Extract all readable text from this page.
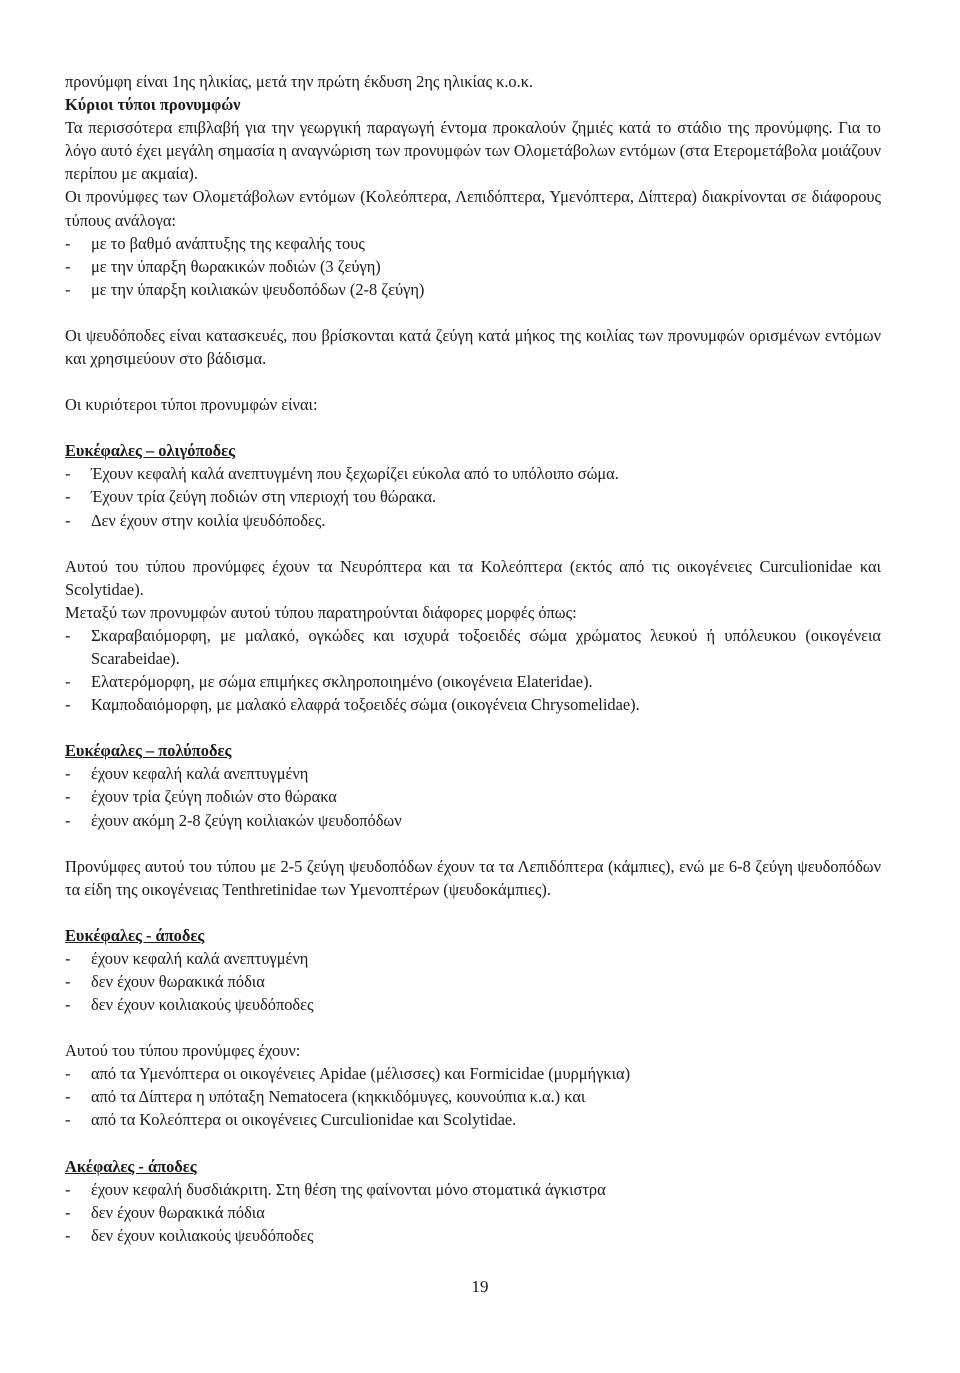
προνύμφη είναι 1ης ηλικίας, μετά την πρώτη έκδυση 2ης ηλικίας κ.ο.κ.

Κύριοι τύποι προνυμφών

Τα περισσότερα επιβλαβή για την γεωργική παραγωγή έντομα προκαλούν ζημιές κατά το στάδιο της προνύμφης. Για το λόγο αυτό έχει μεγάλη σημασία η αναγνώριση των προνυμφών των Ολομετάβολων εντόμων (στα Ετερομετάβολα μοιάζουν περίπου με ακμαία).

Οι προνύμφες των Ολομετάβολων εντόμων (Κολεόπτερα, Λεπιδόπτερα, Υμενόπτερα, Δίπτερα) διακρίνονται σε διάφορους τύπους ανάλογα:

- με το βαθμό ανάπτυξης της κεφαλής τους
- με την ύπαρξη θωρακικών ποδιών (3 ζεύγη)
- με την ύπαρξη κοιλιακών ψευδοπόδων (2-8 ζεύγη)

Οι ψευδόποδες είναι κατασκευές, που βρίσκονται κατά ζεύγη κατά μήκος της κοιλίας των προνυμφών ορισμένων εντόμων και χρησιμεύουν στο βάδισμα.

Οι κυριότεροι τύποι προνυμφών είναι:

Ευκέφαλες – ολιγόποδες

- Έχουν κεφαλή καλά ανεπτυγμένη που ξεχωρίζει εύκολα από το υπόλοιπο σώμα.
- Έχουν τρία ζεύγη ποδιών στη νπεριοχή του θώρακα.
- Δεν έχουν στην κοιλία ψευδόποδες.

Αυτού του τύπου προνύμφες έχουν τα Νευρόπτερα και τα Κολεόπτερα (εκτός από τις οικογένειες Curculionidae και Scolytidae).

Μεταξύ των προνυμφών αυτού τύπου παρατηρούνται διάφορες μορφές όπως:

- Σκαραβαιόμορφη, με μαλακό, ογκώδες και ισχυρά τοξοειδές σώμα χρώματος λευκού ή υπόλευκου (οικογένεια Scarabeidae).
- Ελατερόμορφη, με σώμα επιμήκες σκληροποιημένο (οικογένεια Elateridae).
- Καμποδαιόμορφη, με μαλακό ελαφρά τοξοειδές σώμα (οικογένεια Chrysomelidae).

Ευκέφαλες – πολύποδες

- έχουν κεφαλή καλά ανεπτυγμένη
- έχουν τρία ζεύγη ποδιών στο θώρακα
- έχουν ακόμη 2-8 ζεύγη κοιλιακών ψευδοπόδων

Προνύμφες αυτού του τύπου με 2-5 ζεύγη ψευδοπόδων έχουν τα τα Λεπιδόπτερα (κάμπιες), ενώ με 6-8 ζεύγη ψευδοπόδων τα είδη της οικογένειας Tenthretinidae των Υμενοπτέρων (ψευδοκάμπιες).

Ευκέφαλες - άποδες

- έχουν κεφαλή καλά ανεπτυγμένη
- δεν έχουν θωρακικά πόδια
- δεν έχουν κοιλιακούς ψευδόποδες

Αυτού του τύπου προνύμφες έχουν:

- από τα Υμενόπτερα οι οικογένειες Apidae (μέλισσες) και Formicidae (μυρμήγκια)
- από τα Δίπτερα η υπόταξη Nematocera (κηκκιδόμυγες, κουνούπια κ.α.) και
- από τα Κολεόπτερα οι οικογένειες Curculionidae και Scolytidae.

Ακέφαλες - άποδες

- έχουν κεφαλή δυσδιάκριτη. Στη θέση της φαίνονται μόνο στοματικά άγκιστρα
- δεν έχουν θωρακικά πόδια
- δεν έχουν κοιλιακούς ψευδόποδες
19
